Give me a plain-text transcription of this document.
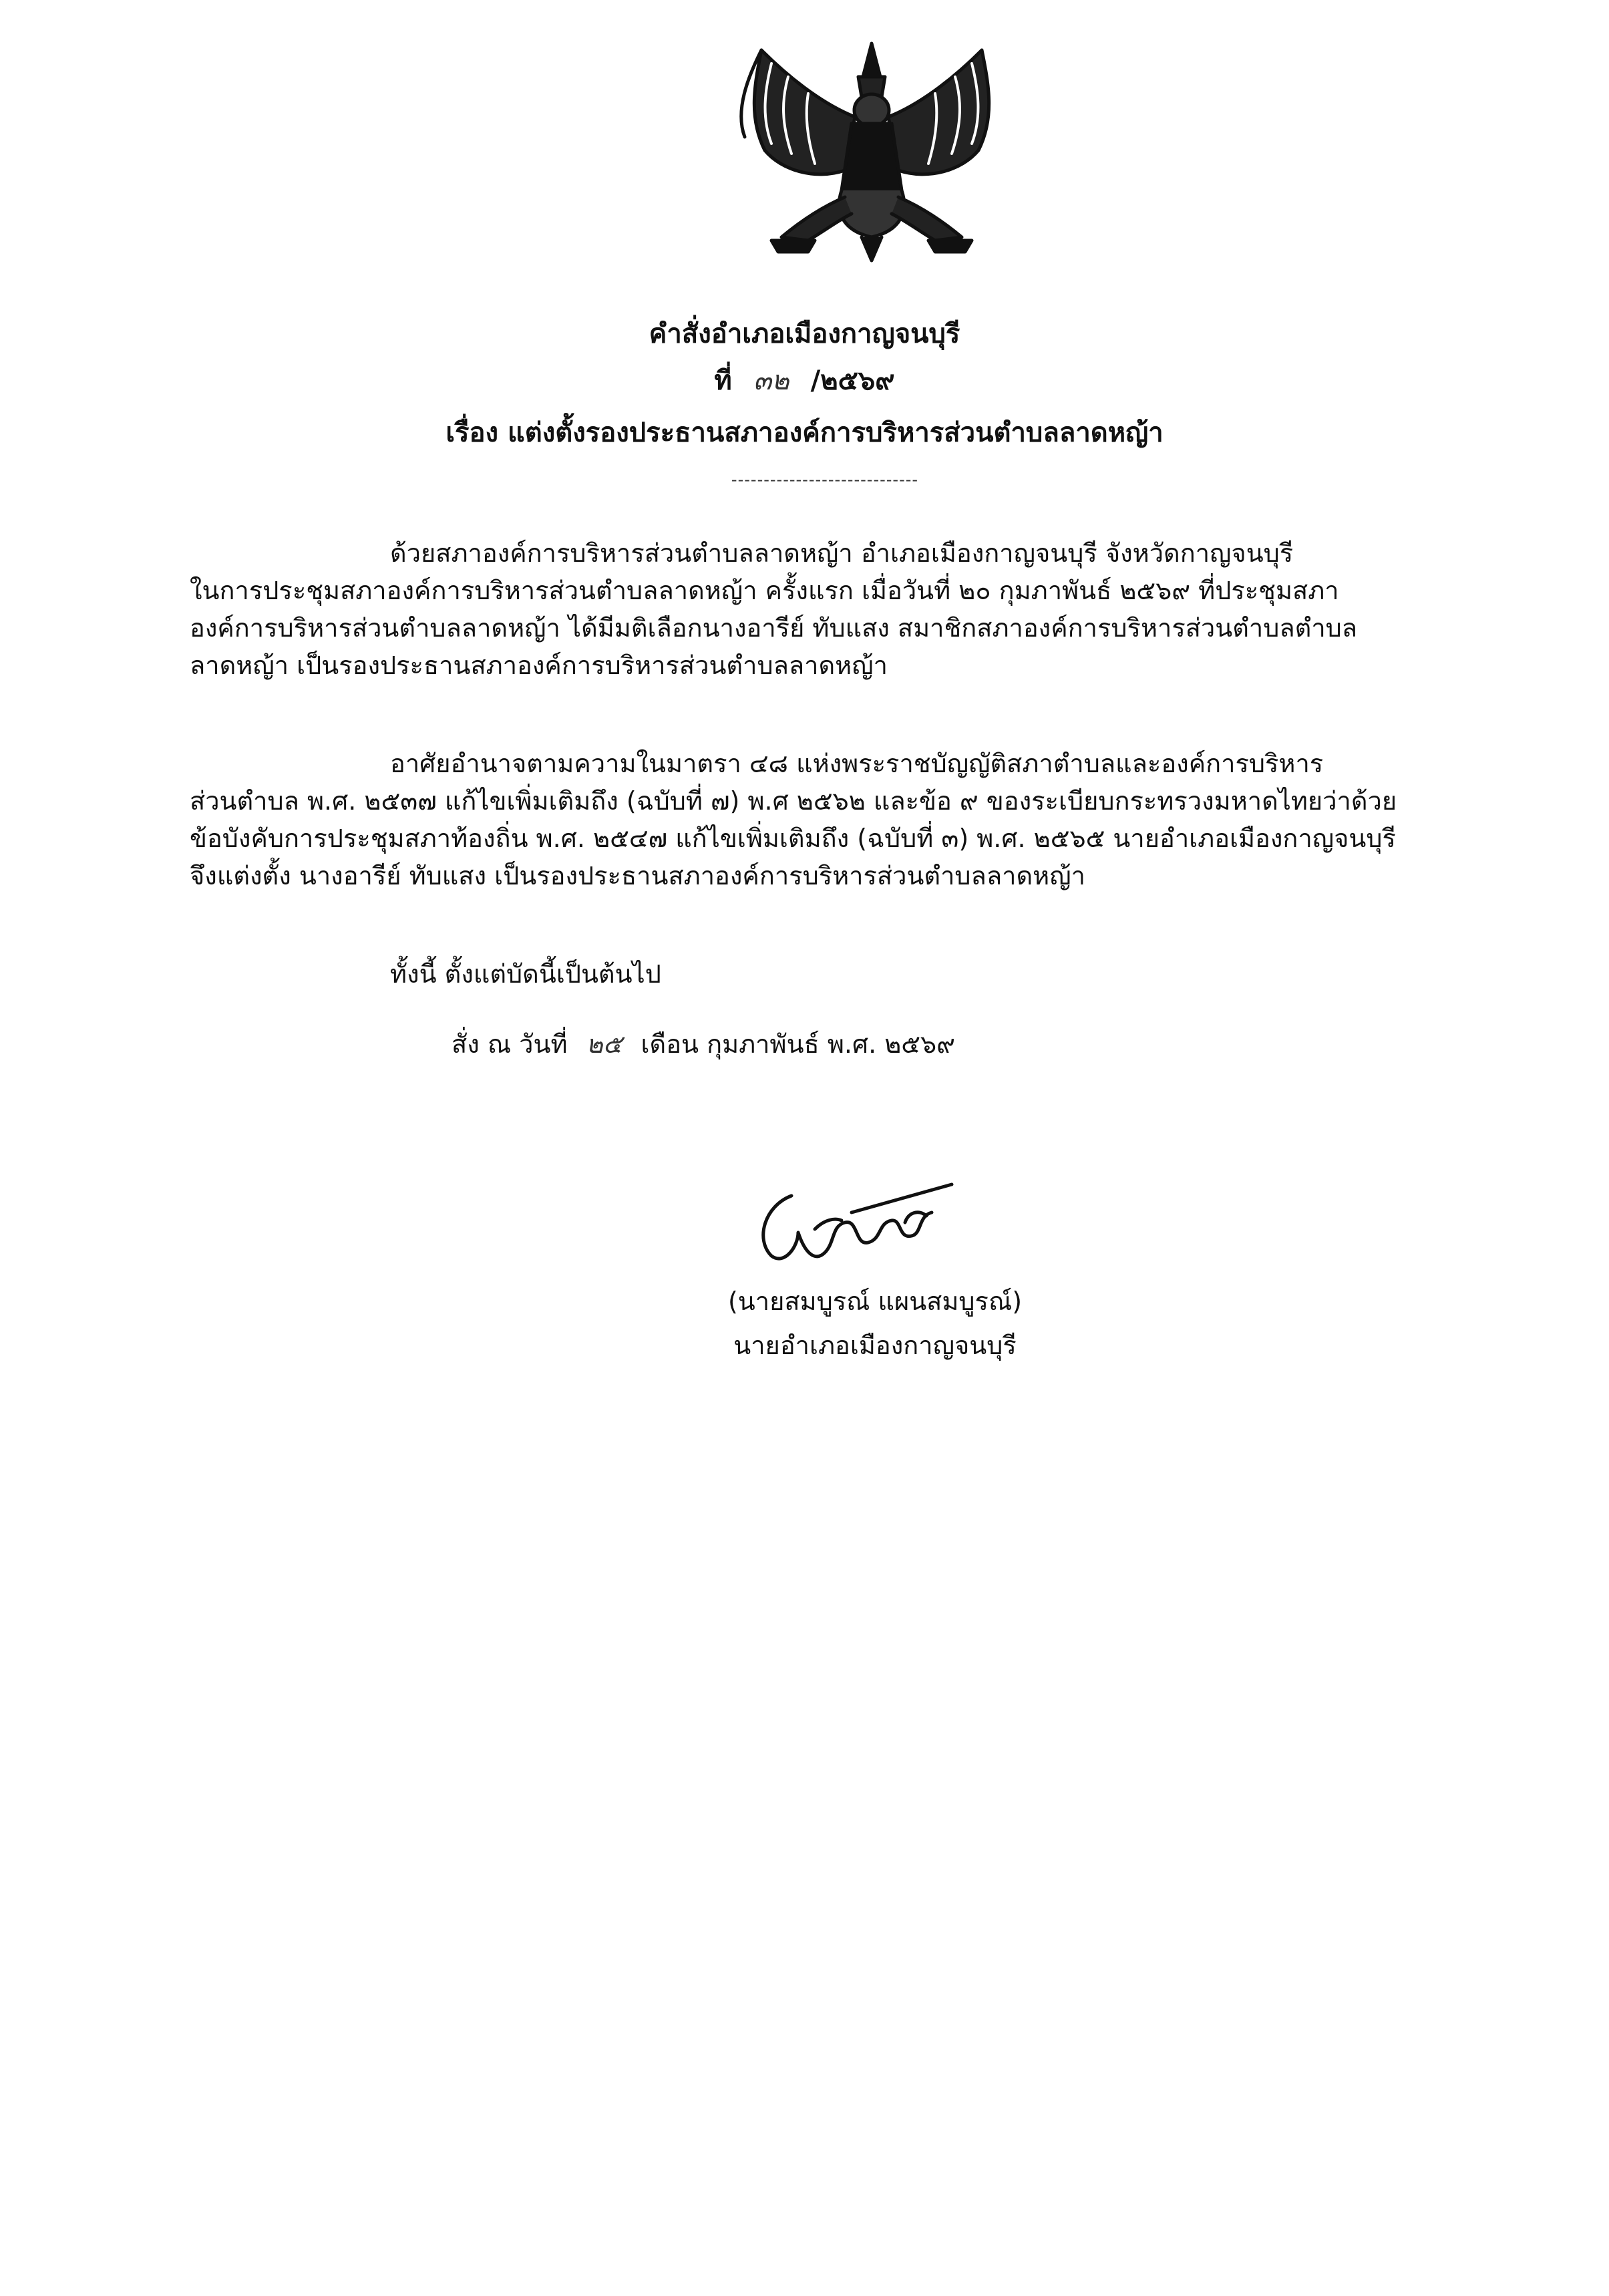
คำสั่งอำเภอเมืองกาญจนบุรี
ที่ ๓๒ /๒๕๖๙
เรื่อง แต่งตั้งรองประธานสภาองค์การบริหารส่วนตำบลลาดหญ้า
-----------------------------
ด้วยสภาองค์การบริหารส่วนตำบลลาดหญ้า อำเภอเมืองกาญจนบุรี จังหวัดกาญจนบุรี
ในการประชุมสภาองค์การบริหารส่วนตำบลลาดหญ้า ครั้งแรก เมื่อวันที่ ๒๐ กุมภาพันธ์ ๒๕๖๙ ที่ประชุมสภา
องค์การบริหารส่วนตำบลลาดหญ้า ได้มีมติเลือกนางอารีย์ ทับแสง สมาชิกสภาองค์การบริหารส่วนตำบลตำบล
ลาดหญ้า เป็นรองประธานสภาองค์การบริหารส่วนตำบลลาดหญ้า
อาศัยอำนาจตามความในมาตรา ๔๘ แห่งพระราชบัญญัติสภาตำบลและองค์การบริหาร
ส่วนตำบล พ.ศ. ๒๕๓๗ แก้ไขเพิ่มเติมถึง (ฉบับที่ ๗) พ.ศ ๒๕๖๒ และข้อ ๙ ของระเบียบกระทรวงมหาดไทยว่าด้วย
ข้อบังคับการประชุมสภาท้องถิ่น พ.ศ. ๒๕๔๗ แก้ไขเพิ่มเติมถึง (ฉบับที่ ๓) พ.ศ. ๒๕๖๕ นายอำเภอเมืองกาญจนบุรี
จึงแต่งตั้ง นางอารีย์ ทับแสง เป็นรองประธานสภาองค์การบริหารส่วนตำบลลาดหญ้า
ทั้งนี้ ตั้งแต่บัดนี้เป็นต้นไป
สั่ง ณ วันที่ ๒๕ เดือน กุมภาพันธ์ พ.ศ. ๒๕๖๙
(นายสมบูรณ์ แผนสมบูรณ์)
นายอำเภอเมืองกาญจนบุรี
